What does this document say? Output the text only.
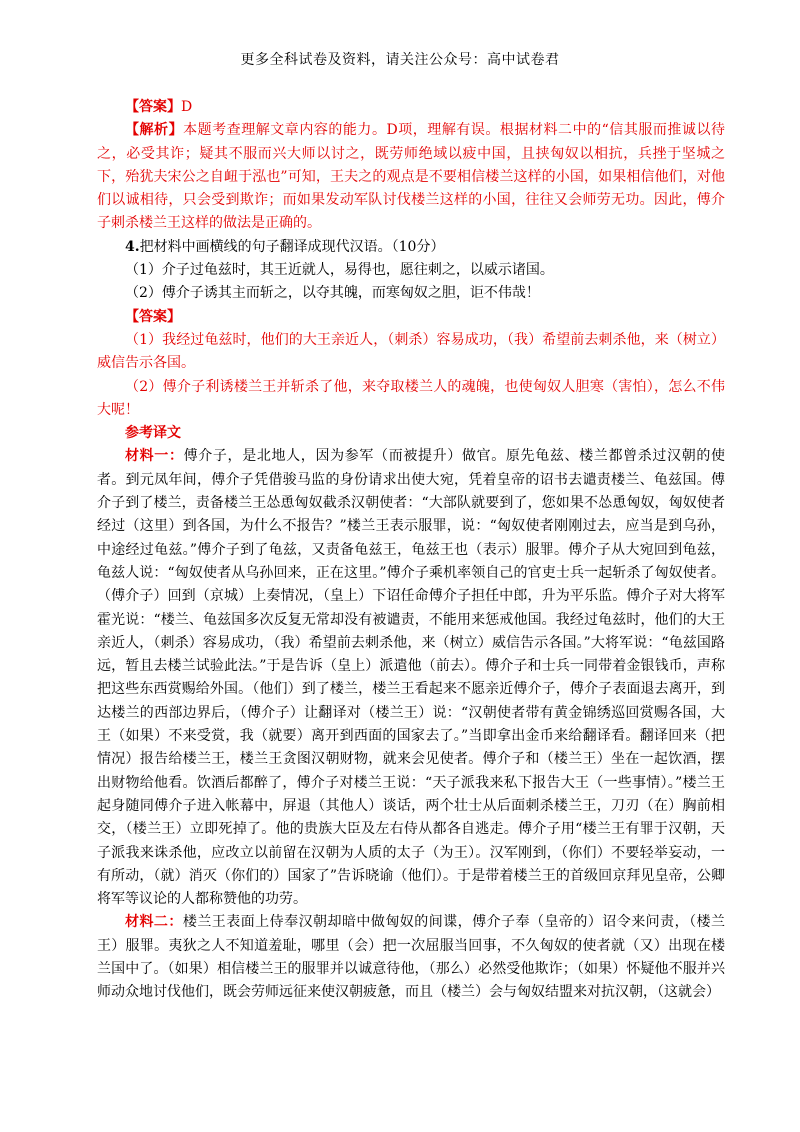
更多全科试卷及资料，请关注公众号：高中试卷君

【答案】D

【解析】本题考查理解文章内容的能力。D项，理解有误。根据材料二中的“信其服而推诚以待之，必受其诈；疑其不服而兴大师以讨之，既劳师绝域以疲中国，且挟匈奴以相抗，兵挫于坚城之下，殆犹夫宋公之自衄于泓也”可知，王夫之的观点是不要相信楼兰这样的小国，如果相信他们，对他们以诚相待，只会受到欺诈；而如果发动军队讨伐楼兰这样的小国，往往又会师劳无功。因此，傅介子刺杀楼兰王这样的做法是正确的。

4.把材料中画横线的句子翻译成现代汉语。（10分）

（1）介子过龟兹时，其王近就人，易得也，愿往刺之，以威示诸国。

（2）傅介子诱其主而斩之，以夺其魄，而寒匈奴之胆，讵不伟哉！

【答案】

（1）我经过龟兹时，他们的大王亲近人，（刺杀）容易成功，（我）希望前去刺杀他，来（树立）威信告示各国。

（2）傅介子利诱楼兰王并斩杀了他，来夺取楼兰人的魂魄，也使匈奴人胆寒（害怕），怎么不伟大呢！

参考译文

材料一：傅介子，是北地人，因为参军（而被提升）做官。原先龟兹、楼兰都曾杀过汉朝的使者。到元凤年间，傅介子凭借骏马监的身份请求出使大宛，凭着皇帝的诏书去谴责楼兰、龟兹国。傅介子到了楼兰，责备楼兰王怂恿匈奴截杀汉朝使者：“大部队就要到了，您如果不怂恿匈奴，匈奴使者经过（这里）到各国，为什么不报告？”楼兰王表示服罪，说：“匈奴使者刚刚过去，应当是到乌孙，中途经过龟兹。”傅介子到了龟兹，又责备龟兹王，龟兹王也（表示）服罪。傅介子从大宛回到龟兹，龟兹人说：“匈奴使者从乌孙回来，正在这里。”傅介子乘机率领自己的官吏士兵一起斩杀了匈奴使者。（傅介子）回到（京城）上奏情况，（皇上）下诏任命傅介子担任中郎，升为平乐监。傅介子对大将军霍光说：“楼兰、龟兹国多次反复无常却没有被谴责，不能用来惩戒他国。我经过龟兹时，他们的大王亲近人，（刺杀）容易成功，（我）希望前去刺杀他，来（树立）威信告示各国。”大将军说：“龟兹国路远，暂且去楼兰试验此法。”于是告诉（皇上）派遣他（前去）。傅介子和士兵一同带着金银钱币，声称把这些东西赏赐给外国。（他们）到了楼兰，楼兰王看起来不愿亲近傅介子，傅介子表面退去离开，到达楼兰的西部边界后，（傅介子）让翻译对（楼兰王）说：“汉朝使者带有黄金锦绣巡回赏赐各国，大王（如果）不来受赏，我（就要）离开到西面的国家去了。”当即拿出金币来给翻译看。翻译回来（把情况）报告给楼兰王，楼兰王贪图汉朝财物，就来会见使者。傅介子和（楼兰王）坐在一起饮酒，摆出财物给他看。饮酒后都醉了，傅介子对楼兰王说：“天子派我来私下报告大王（一些事情）。”楼兰王起身随同傅介子进入帐幕中，屏退（其他人）谈话，两个壮士从后面刺杀楼兰王，刀刃（在）胸前相交，（楼兰王）立即死掉了。他的贵族大臣及左右侍从都各自逃走。傅介子用“楼兰王有罪于汉朝，天子派我来诛杀他，应改立以前留在汉朝为人质的太子（为王）。汉军刚到，（你们）不要轻举妄动，一有所动，（就）消灭（你们的）国家了”告诉晓谕（他们）。于是带着楼兰王的首级回京拜见皇帝，公卿将军等议论的人都称赞他的功劳。

材料二：楼兰王表面上侍奉汉朝却暗中做匈奴的间谍，傅介子奉（皇帝的）诏令来问责，（楼兰王）服罪。夷狄之人不知道羞耻，哪里（会）把一次屈服当回事，不久匈奴的使者就（又）出现在楼兰国中了。（如果）相信楼兰王的服罪并以诚意待他，（那么）必然受他欺诈；（如果）怀疑他不服并兴师动众地讨伐他们，既会劳师远征来使汉朝疲惫，而且（楼兰）会与匈奴结盟来对抗汉朝，（这就会）
